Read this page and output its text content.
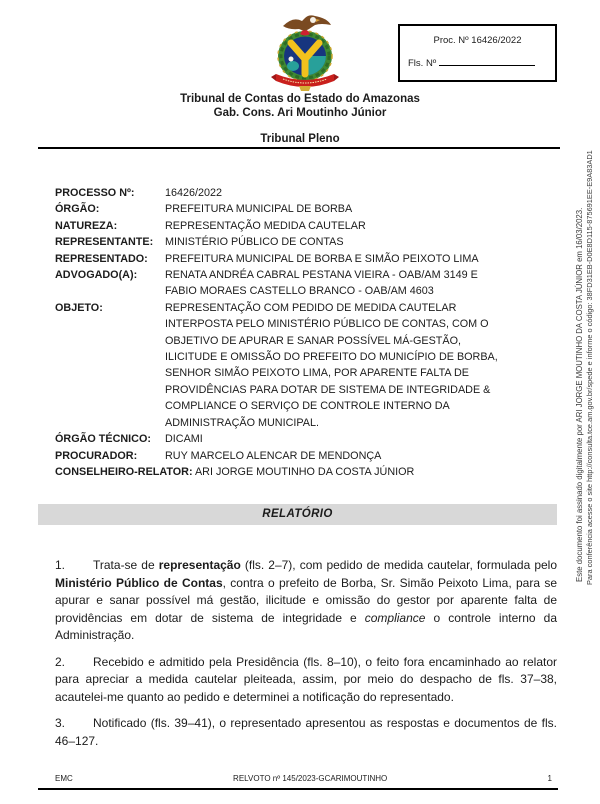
Proc. Nº 16426/2022
Fls. Nº
Tribunal de Contas do Estado do Amazonas
Gab. Cons. Ari Moutinho Júnior
Tribunal Pleno
PROCESSO Nº:	16426/2022
ÓRGÃO:	PREFEITURA MUNICIPAL DE BORBA
NATUREZA:	REPRESENTAÇÃO MEDIDA CAUTELAR
REPRESENTANTE:	MINISTÉRIO PÚBLICO DE CONTAS
REPRESENTADO:	PREFEITURA MUNICIPAL DE BORBA E SIMÃO PEIXOTO LIMA
ADVOGADO(A):	RENATA ANDRÉA CABRAL PESTANA VIEIRA - OAB/AM 3149 E
FABIO MORAES CASTELLO BRANCO - OAB/AM 4603
OBJETO:	REPRESENTAÇÃO COM PEDIDO DE MEDIDA CAUTELAR
INTERPOSTA PELO MINISTÉRIO PÚBLICO DE CONTAS, COM O
OBJETIVO DE APURAR E SANAR POSSÍVEL MÁ-GESTÃO,
ILICITUDE E OMISSÃO DO PREFEITO DO MUNICÍPIO DE BORBA,
SENHOR SIMÃO PEIXOTO LIMA, POR APARENTE FALTA DE
PROVIDÊNCIAS PARA DOTAR DE SISTEMA DE INTEGRIDADE &
COMPLIANCE O SERVIÇO DE CONTROLE INTERNO DA
ADMINISTRAÇÃO MUNICIPAL.
ÓRGÃO TÉCNICO:	DICAMI
PROCURADOR:	RUY MARCELO ALENCAR DE MENDONÇA
CONSELHEIRO-RELATOR: ARI JORGE MOUTINHO DA COSTA JÚNIOR
RELATÓRIO

1. Trata-se de representação (fls. 2–7), com pedido de medida cautelar, formulada pelo Ministério Público de Contas, contra o prefeito de Borba, Sr. Simão Peixoto Lima, para se apurar e sanar possível má gestão, ilicitude e omissão do gestor por aparente falta de providências em dotar de sistema de integridade e compliance o controle interno da Administração.

2. Recebido e admitido pela Presidência (fls. 8–10), o feito fora encaminhado ao relator para apreciar a medida cautelar pleiteada, assim, por meio do despacho de fls. 37–38, acautelei-me quanto ao pedido e determinei a notificação do representado.

3. Notificado (fls. 39–41), o representado apresentou as respostas e documentos de fls. 46–127.

EMC	RELVOTO nº 145/2023-GCARIMOUTINHO	1
Este documento foi assinado digitalmente por ARI JORGE MOUTINHO DA COSTA JÚNIOR em 16/03/2023. Para conferência acesse o site http://consulta.tce.am.gov.br/spede e informe o código: 38FD31EB-D0E8D115-875691EE-E9A83AD1
